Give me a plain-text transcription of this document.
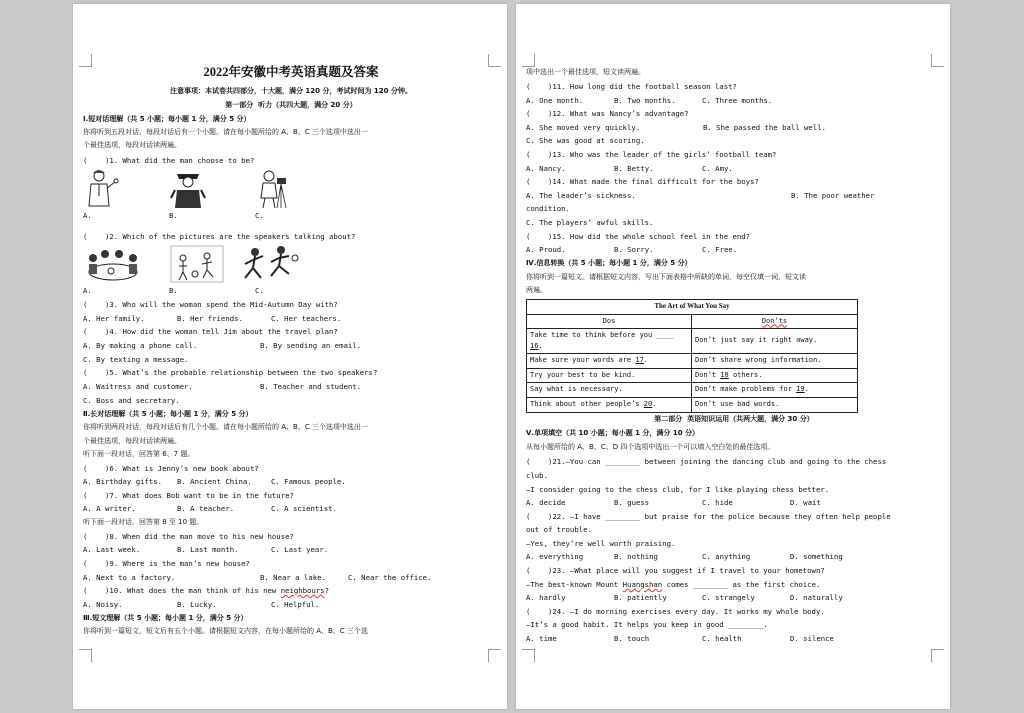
2022年安徽中考英语真题及答案
注意事项：本试卷共四部分，十大题，满分 120 分，考试时间为 120 分钟。
第一部分  听力（共四大题，满分 20 分）
Ⅰ.短对话理解（共 5 小题；每小题 1 分，满分 5 分）
你将听到五段对话，每段对话后有一个小题。请在每小题所给的 A、B、C 三个选项中选出一
个最佳选项，每段对话读两遍。
(    )1. What did the man choose to be?
A.	B.	C.
(    )2. Which of the pictures are the speakers talking about?
A.	B.	C.
(    )3. Who will the woman spend the Mid-Autumn Day with?
A. Her family.	B. Her friends.	C. Her teachers.
(    )4. How did the woman tell Jim about the travel plan?
A. By making a phone call.	B. By sending an email.
C. By texting a message.
(    )5. What’s the probable relationship between the two speakers?
A. Waitress and customer.	B. Teacher and student.
C. Boss and secretary.
Ⅱ.长对话理解（共 5 小题；每小题 1 分，满分 5 分）
你将听到两段对话，每段对话后有几个小题。请在每小题所给的 A、B、C 三个选项中选出一
个最佳选项，每段对话读两遍。
听下面一段对话，回答第 6、7 题。
(    )6. What is Jenny’s new book about?
A. Birthday gifts.	B. Ancient China.	C. Famous people.
(    )7. What does Bob want to be in the future?
A. A writer.	B. A teacher.	C. A scientist.
听下面一段对话，回答第 8 至 10 题。
(    )8. When did the man move to his new house?
A. Last week.	B. Last month.	C. Last year.
(    )9. Where is the man’s new house?
A. Next to a factory.	B. Near a lake.	C. Near the office.
(    )10. What does the man think of his new neighbours?
A. Noisy.	B. Lucky.	C. Helpful.
Ⅲ.短文理解（共 5 小题；每小题 1 分，满分 5 分）
你将听到一篇短文，短文后有五个小题。请根据短文内容，在每小题所给的 A、B、C 三个选
项中选出一个最佳选项，短文读两遍。
(    )11. How long did the football season last?
A. One month.	B. Two months.	C. Three months.
(    )12. What was Nancy’s advantage?
A. She moved very quickly.	B. She passed the ball well.
C. She was good at scoring.
(    )13. Who was the leader of the girls’ football team?
A. Nancy.	B. Betty.	C. Amy.
(    )14. What made the final difficult for the boys?
A. The leader’s sickness.	B. The poor weather
condition.
C. The players’ awful skills.
(    )15. How did the whole school feel in the end?
A. Proud.	B. Sorry.	C. Free.
Ⅳ.信息转换（共 5 小题；每小题 1 分，满分 5 分）
你将听到一篇短文。请根据短文内容，写出下面表格中所缺的单词，每空仅填一词，短文读
两遍。
The Art of What You Say	
Dos	Don’ts
Take time to think before you ____
16.	Don’t just say it right away.
Make sure your words are 17.	Don’t share wrong information.
Try your best to be kind.	Don’t 18 others.
Say what is necessary.	Don’t make problems for 19.
Think about other people’s 20.	Don’t use bad words.
第二部分  英语知识运用（共两大题，满分 30 分）
Ⅴ.单项填空（共 10 小题；每小题 1 分，满分 10 分）
从每小题所给的 A、B、C、D 四个选项中选出一个可以填入空白处的最佳选项。
(    )21.—You can ________ between joining the dancing club and going to the chess
club.
—I consider going to the chess club, for I like playing chess better.
A. decide	B. guess	C. hide	D. wait
(    )22. —I have ________ but praise for the police because they often help people
out of trouble.
—Yes, they’re well worth praising.
A. everything	B. nothing	C. anything	D. something
(    )23. —What place will you suggest if I travel to your hometown?
—The best-known Mount Huangshan comes ________ as the first choice.
A. hardly	B. patiently	C. strangely	D. naturally
(    )24. —I do morning exercises every day. It works my whole body.
—It’s a good habit. It helps you keep in good ________.
A. time	B. touch	C. health	D. silence
